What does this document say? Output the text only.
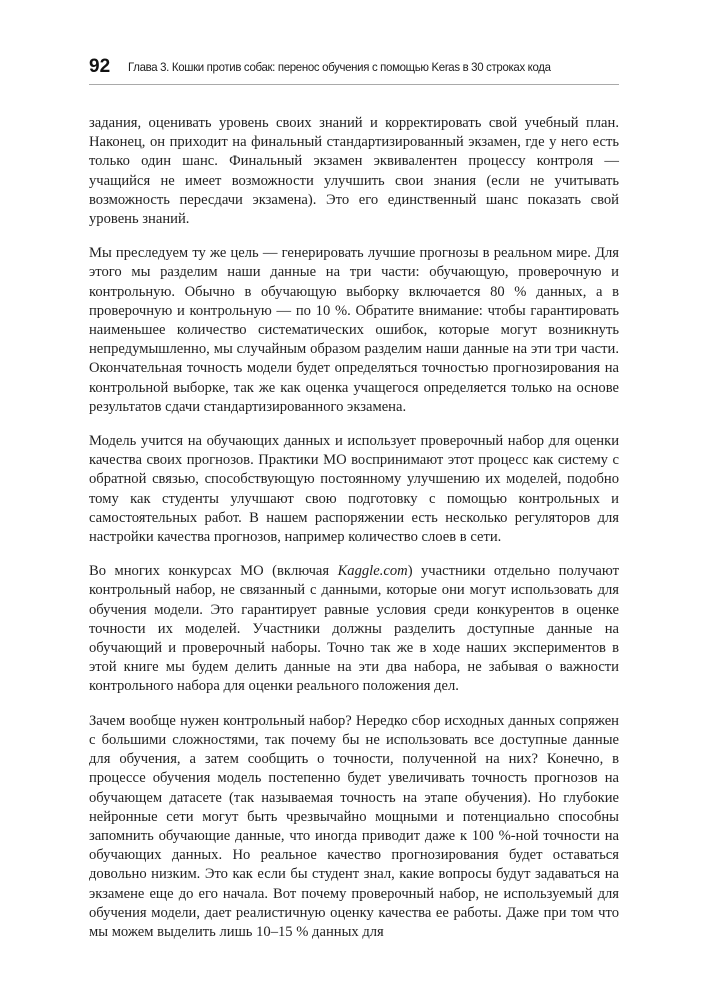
92 Глава 3. Кошки против собак: перенос обучения с помощью Keras в 30 строках кода

задания, оценивать уровень своих знаний и корректировать свой учебный план. Наконец, он приходит на финальный стандартизированный экзамен, где у него есть только один шанс. Финальный экзамен эквивалентен процессу контроля — учащийся не имеет возможности улучшить свои знания (если не учитывать возможность пересдачи экзамена). Это его единственный шанс показать свой уровень знаний.

Мы преследуем ту же цель — генерировать лучшие прогнозы в реальном мире. Для этого мы разделим наши данные на три части: обучающую, проверочную и контрольную. Обычно в обучающую выборку включается 80 % данных, а в проверочную и контрольную — по 10 %. Обратите внимание: чтобы гарантировать наименьшее количество систематических ошибок, которые могут возникнуть непредумышленно, мы случайным образом разделим наши данные на эти три части. Окончательная точность модели будет определяться точностью прогнозирования на контрольной выборке, так же как оценка учащегося определяется только на основе результатов сдачи стандартизированного экзамена.

Модель учится на обучающих данных и использует проверочный набор для оценки качества своих прогнозов. Практики МО воспринимают этот процесс как систему с обратной связью, способствующую постоянному улучшению их моделей, подобно тому как студенты улучшают свою подготовку с помощью контрольных и самостоятельных работ. В нашем распоряжении есть несколько регуляторов для настройки качества прогнозов, например количество слоев в сети.

Во многих конкурсах МО (включая Kaggle.com) участники отдельно получают контрольный набор, не связанный с данными, которые они могут использовать для обучения модели. Это гарантирует равные условия среди конкурентов в оценке точности их моделей. Участники должны разделить доступные данные на обучающий и проверочный наборы. Точно так же в ходе наших экспериментов в этой книге мы будем делить данные на эти два набора, не забывая о важности контрольного набора для оценки реального положения дел.

Зачем вообще нужен контрольный набор? Нередко сбор исходных данных сопряжен с большими сложностями, так почему бы не использовать все доступные данные для обучения, а затем сообщить о точности, полученной на них? Конечно, в процессе обучения модель постепенно будет увеличивать точность прогнозов на обучающем датасете (так называемая точность на этапе обучения). Но глубокие нейронные сети могут быть чрезвычайно мощными и потенциально способны запомнить обучающие данные, что иногда приводит даже к 100 %-ной точности на обучающих данных. Но реальное качество прогнозирования будет оставаться довольно низким. Это как если бы студент знал, какие вопросы будут задаваться на экзамене еще до его начала. Вот почему проверочный набор, не используемый для обучения модели, дает реалистичную оценку качества ее работы. Даже при том что мы можем выделить лишь 10–15 % данных для
